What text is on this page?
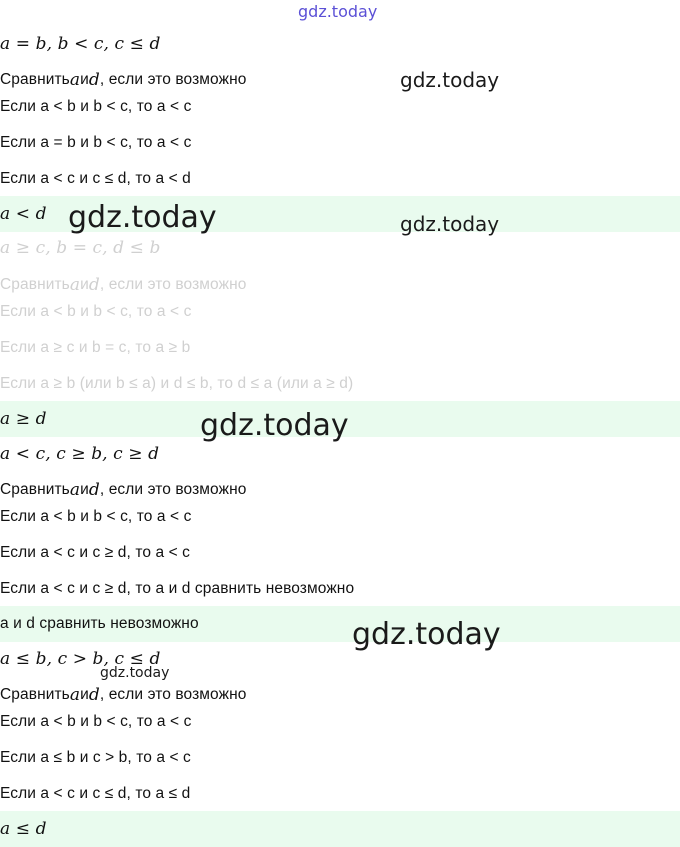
a = b, b < c, c ≤ d
Сравнить a и d , если это возможно
Если a < b и b < c, то a < c
Если a = b и b < c, то a < c
Если a < c и c ≤ d, то a < d
a < d
a ≥ c, b = c, d ≤ b
Сравнить a и d , если это возможно
Если a < b и b < c, то a < c
Если a ≥ c и b = c, то a ≥ b
Если a ≥ b (или b ≤ a) и d ≤ b, то d ≤ a (или a ≥ d)
a ≥ d
a < c, c ≥ b, c ≥ d
Сравнить a и d , если это возможно
Если a < b и b < c, то a < c
Если a < c и c ≥ d, то a < c
Если a < c и c ≥ d, то a и d сравнить невозможно
a и d сравнить невозможно
a ≤ b, c > b, c ≤ d
Сравнить a и d , если это возможно
Если a < b и b < c, то a < c
Если a ≤ b и c > b, то a < c
Если a < c и c ≤ d, то a ≤ d
a ≤ d
gdz.today
gdz.today
gdz.today	gdz.today
gdz.today
gdz.today
gdz.today
